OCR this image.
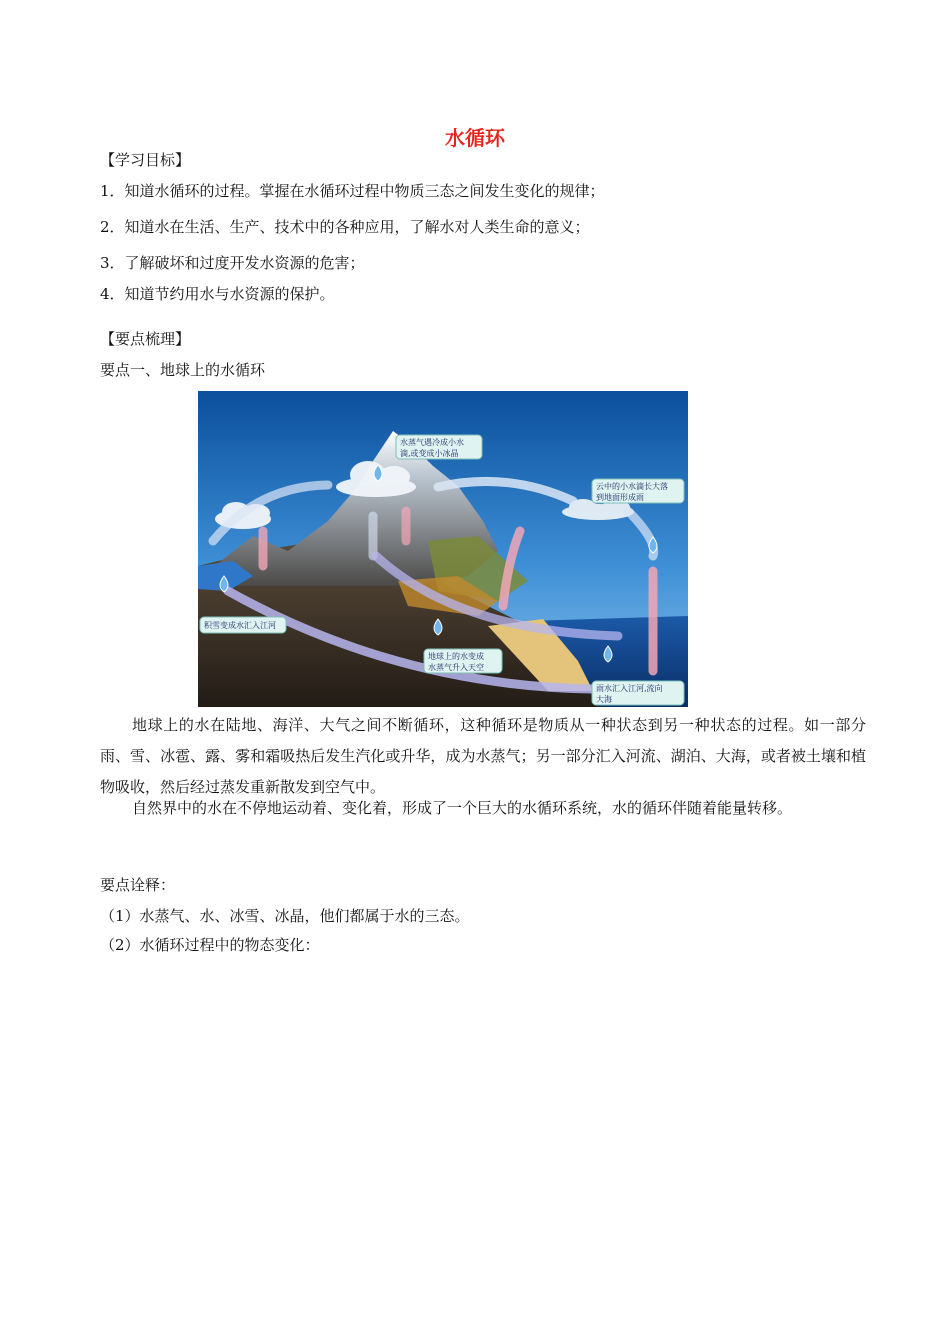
水循环
【学习目标】
1．知道水循环的过程。掌握在水循环过程中物质三态之间发生变化的规律；
2．知道水在生活、生产、技术中的各种应用，了解水对人类生命的意义；
3．了解破坏和过度开发水资源的危害；
4．知道节约用水与水资源的保护。
【要点梳理】
要点一、地球上的水循环
水蒸气遇冷成小水
滴,或变成小冰晶
云中的小水滴长大落
到地面形成雨
积雪变成水汇入江河
地球上的水变成
水蒸气升入天空
雨水汇入江河,流向
大海
地球上的水在陆地、海洋、大气之间不断循环，这种循环是物质从一种状态到另一种状态的过程。如一部分雨、雪、冰雹、露、雾和霜吸热后发生汽化或升华，成为水蒸气；另一部分汇入河流、湖泊、大海，或者被土壤和植物吸收，然后经过蒸发重新散发到空气中。
自然界中的水在不停地运动着、变化着，形成了一个巨大的水循环系统，水的循环伴随着能量转移。
要点诠释：
（1）水蒸气、水、冰雪、冰晶，他们都属于水的三态。
（2）水循环过程中的物态变化：
